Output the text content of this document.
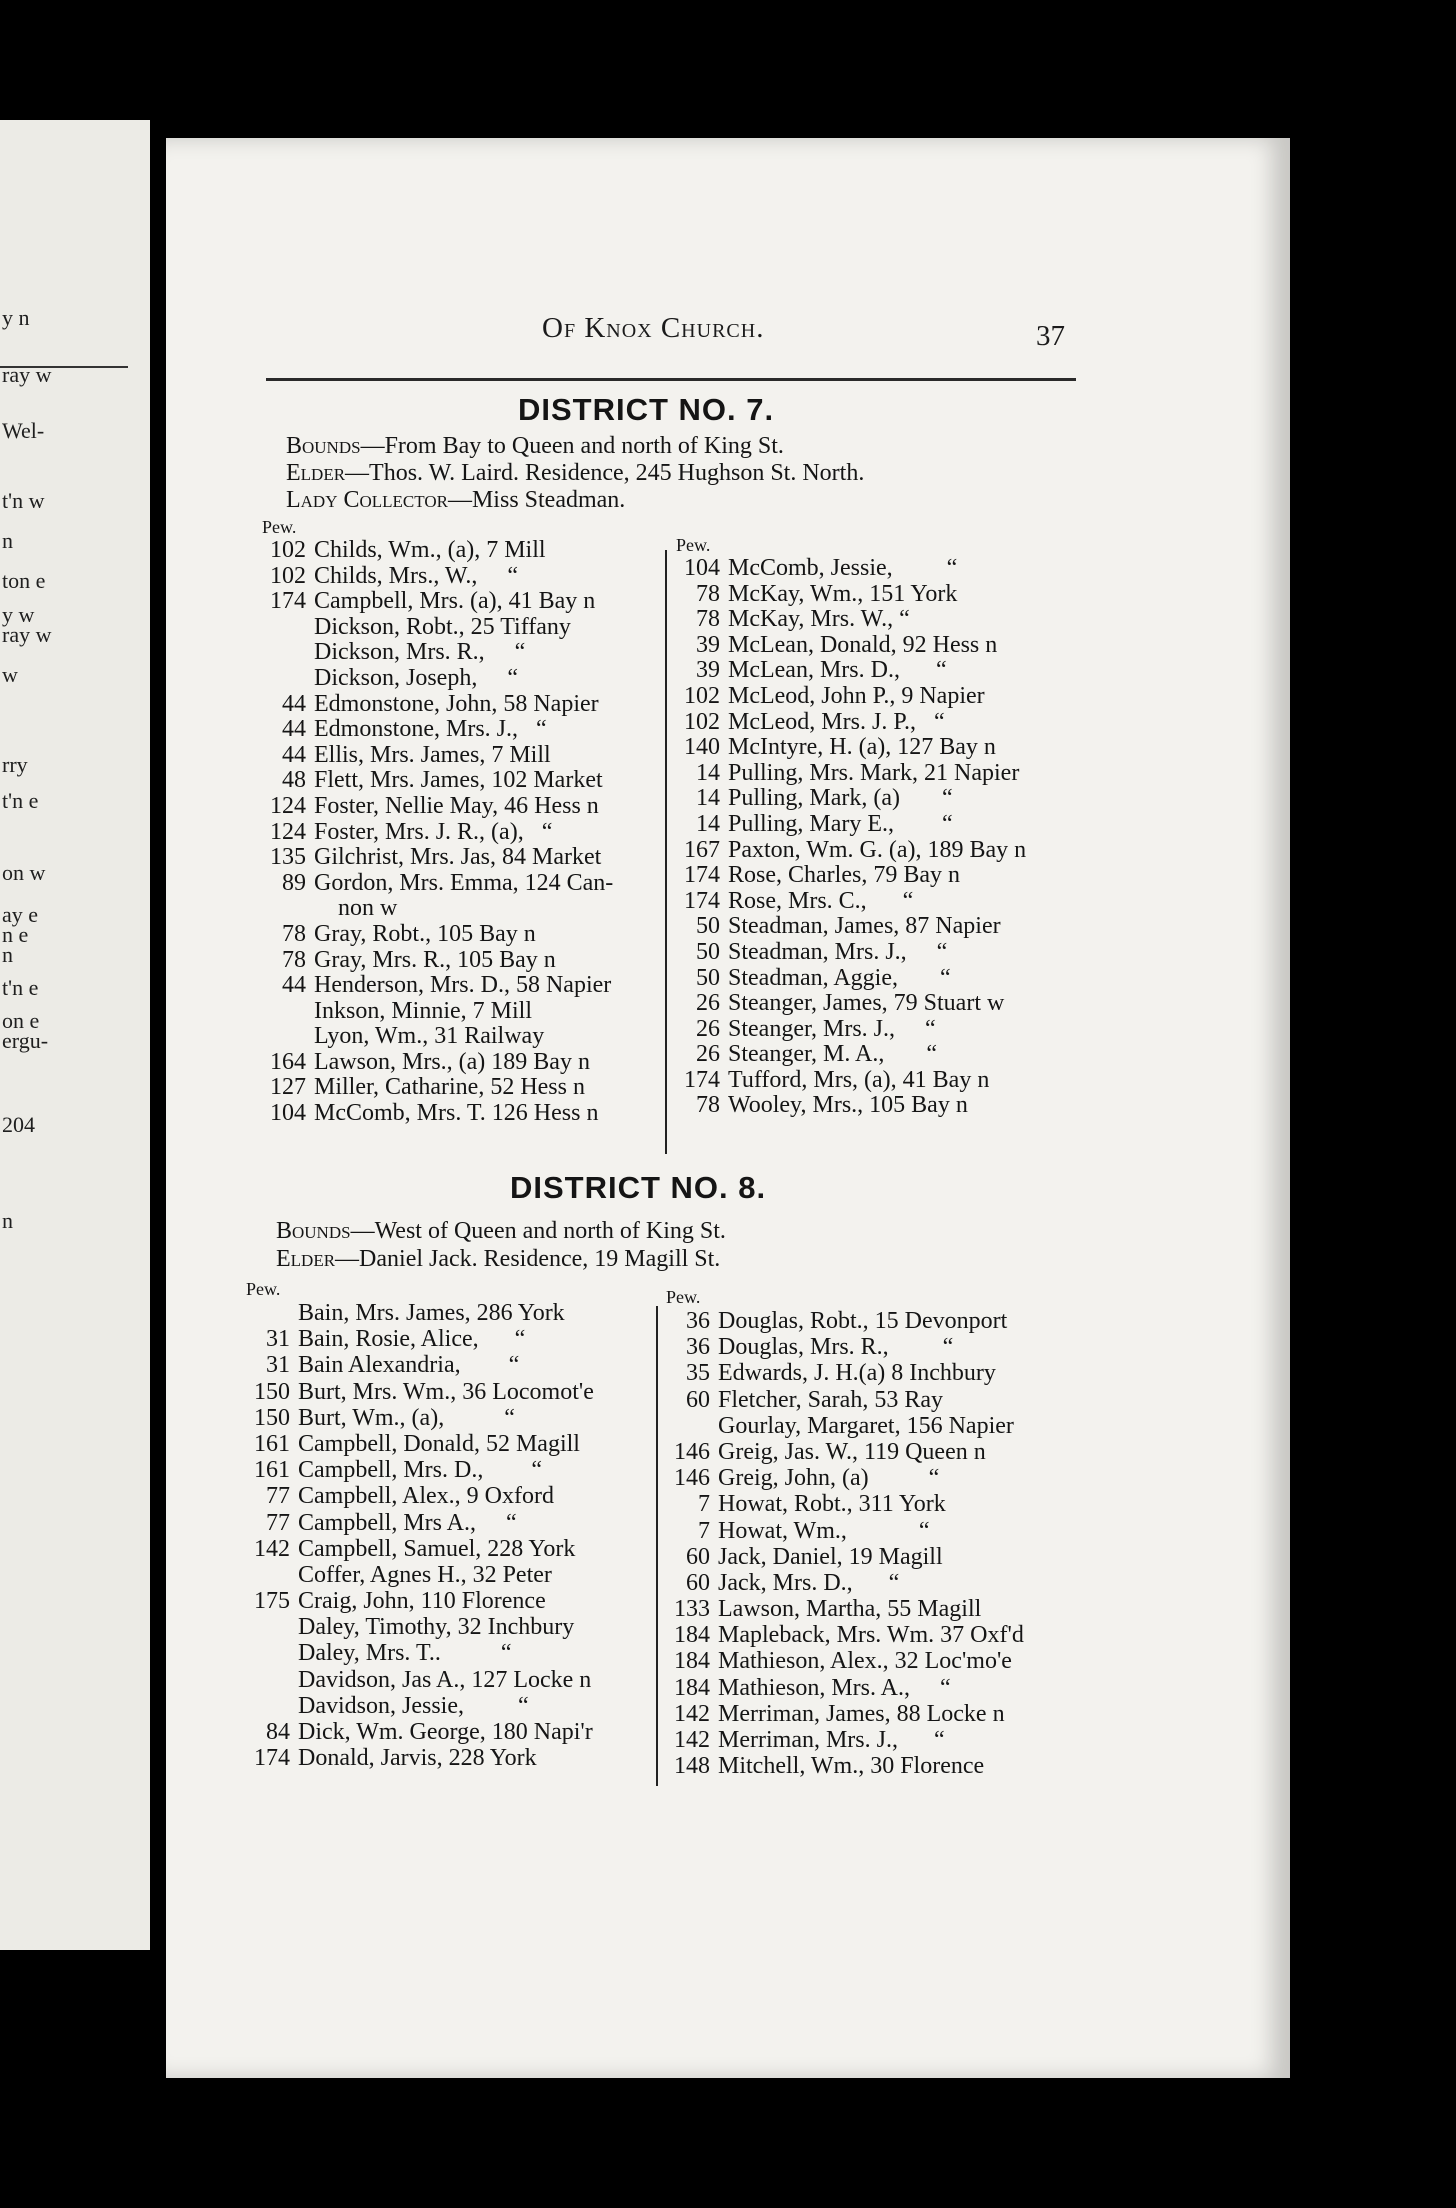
y n
ray w
Wel-
t'n w
n
ton e
y w
ray w
w
rry
t'n e
on w
ay e
n e
n
t'n e
on e
ergu-
204
n
Of Knox Church.	37
DISTRICT NO. 7.
Bounds—From Bay to Queen and north of King St.
Elder—Thos. W. Laird. Residence, 245 Hughson St. North.
Lady Collector—Miss Steadman.
Pew.
102 Childs, Wm., (a), 7 Mill
102 Childs, Mrs., W.,     “
174 Campbell, Mrs. (a), 41 Bay n
Dickson, Robt., 25 Tiffany
Dickson, Mrs. R.,     “
Dickson, Joseph,     “
44 Edmonstone, John, 58 Napier
44 Edmonstone, Mrs. J.,   “
44 Ellis, Mrs. James, 7 Mill
48 Flett, Mrs. James, 102 Market
124 Foster, Nellie May, 46 Hess n
124 Foster, Mrs. J. R., (a),   “
135 Gilchrist, Mrs. Jas, 84 Market
89 Gordon, Mrs. Emma, 124 Can-
non w
78 Gray, Robt., 105 Bay n
78 Gray, Mrs. R., 105 Bay n
44 Henderson, Mrs. D., 58 Napier
Inkson, Minnie, 7 Mill
Lyon, Wm., 31 Railway
164 Lawson, Mrs., (a) 189 Bay n
127 Miller, Catharine, 52 Hess n
104 McComb, Mrs. T. 126 Hess n
Pew.
104 McComb, Jessie,         “
78 McKay, Wm., 151 York
78 McKay, Mrs. W., “
39 McLean, Donald, 92 Hess n
39 McLean, Mrs. D.,      “
102 McLeod, John P., 9 Napier
102 McLeod, Mrs. J. P.,   “
140 McIntyre, H. (a), 127 Bay n
14 Pulling, Mrs. Mark, 21 Napier
14 Pulling, Mark, (a)       “
14 Pulling, Mary E.,        “
167 Paxton, Wm. G. (a), 189 Bay n
174 Rose, Charles, 79 Bay n
174 Rose, Mrs. C.,      “
50 Steadman, James, 87 Napier
50 Steadman, Mrs. J.,     “
50 Steadman, Aggie,       “
26 Steanger, James, 79 Stuart w
26 Steanger, Mrs. J.,     “
26 Steanger, M. A.,       “
174 Tufford, Mrs, (a), 41 Bay n
78 Wooley, Mrs., 105 Bay n
DISTRICT NO. 8.
Bounds—West of Queen and north of King St.
Elder—Daniel Jack. Residence, 19 Magill St.
Pew.
Bain, Mrs. James, 286 York
31 Bain, Rosie, Alice,      “
31 Bain Alexandria,        “
150 Burt, Mrs. Wm., 36 Locomot'e
150 Burt, Wm., (a),          “
161 Campbell, Donald, 52 Magill
161 Campbell, Mrs. D.,        “
77 Campbell, Alex., 9 Oxford
77 Campbell, Mrs A.,     “
142 Campbell, Samuel, 228 York
Coffer, Agnes H., 32 Peter
175 Craig, John, 110 Florence
Daley, Timothy, 32 Inchbury
Daley, Mrs. T..          “
Davidson, Jas A., 127 Locke n
Davidson, Jessie,         “
84 Dick, Wm. George, 180 Napi'r
174 Donald, Jarvis, 228 York
Pew.
36 Douglas, Robt., 15 Devonport
36 Douglas, Mrs. R.,         “
35 Edwards, J. H.(a) 8 Inchbury
60 Fletcher, Sarah, 53 Ray
Gourlay, Margaret, 156 Napier
146 Greig, Jas. W., 119 Queen n
146 Greig, John, (a)          “
7 Howat, Robt., 311 York
7 Howat, Wm.,            “
60 Jack, Daniel, 19 Magill
60 Jack, Mrs. D.,      “
133 Lawson, Martha, 55 Magill
184 Mapleback, Mrs. Wm. 37 Oxf'd
184 Mathieson, Alex., 32 Loc'mo'e
184 Mathieson, Mrs. A.,     “
142 Merriman, James, 88 Locke n
142 Merriman, Mrs. J.,      “
148 Mitchell, Wm., 30 Florence
